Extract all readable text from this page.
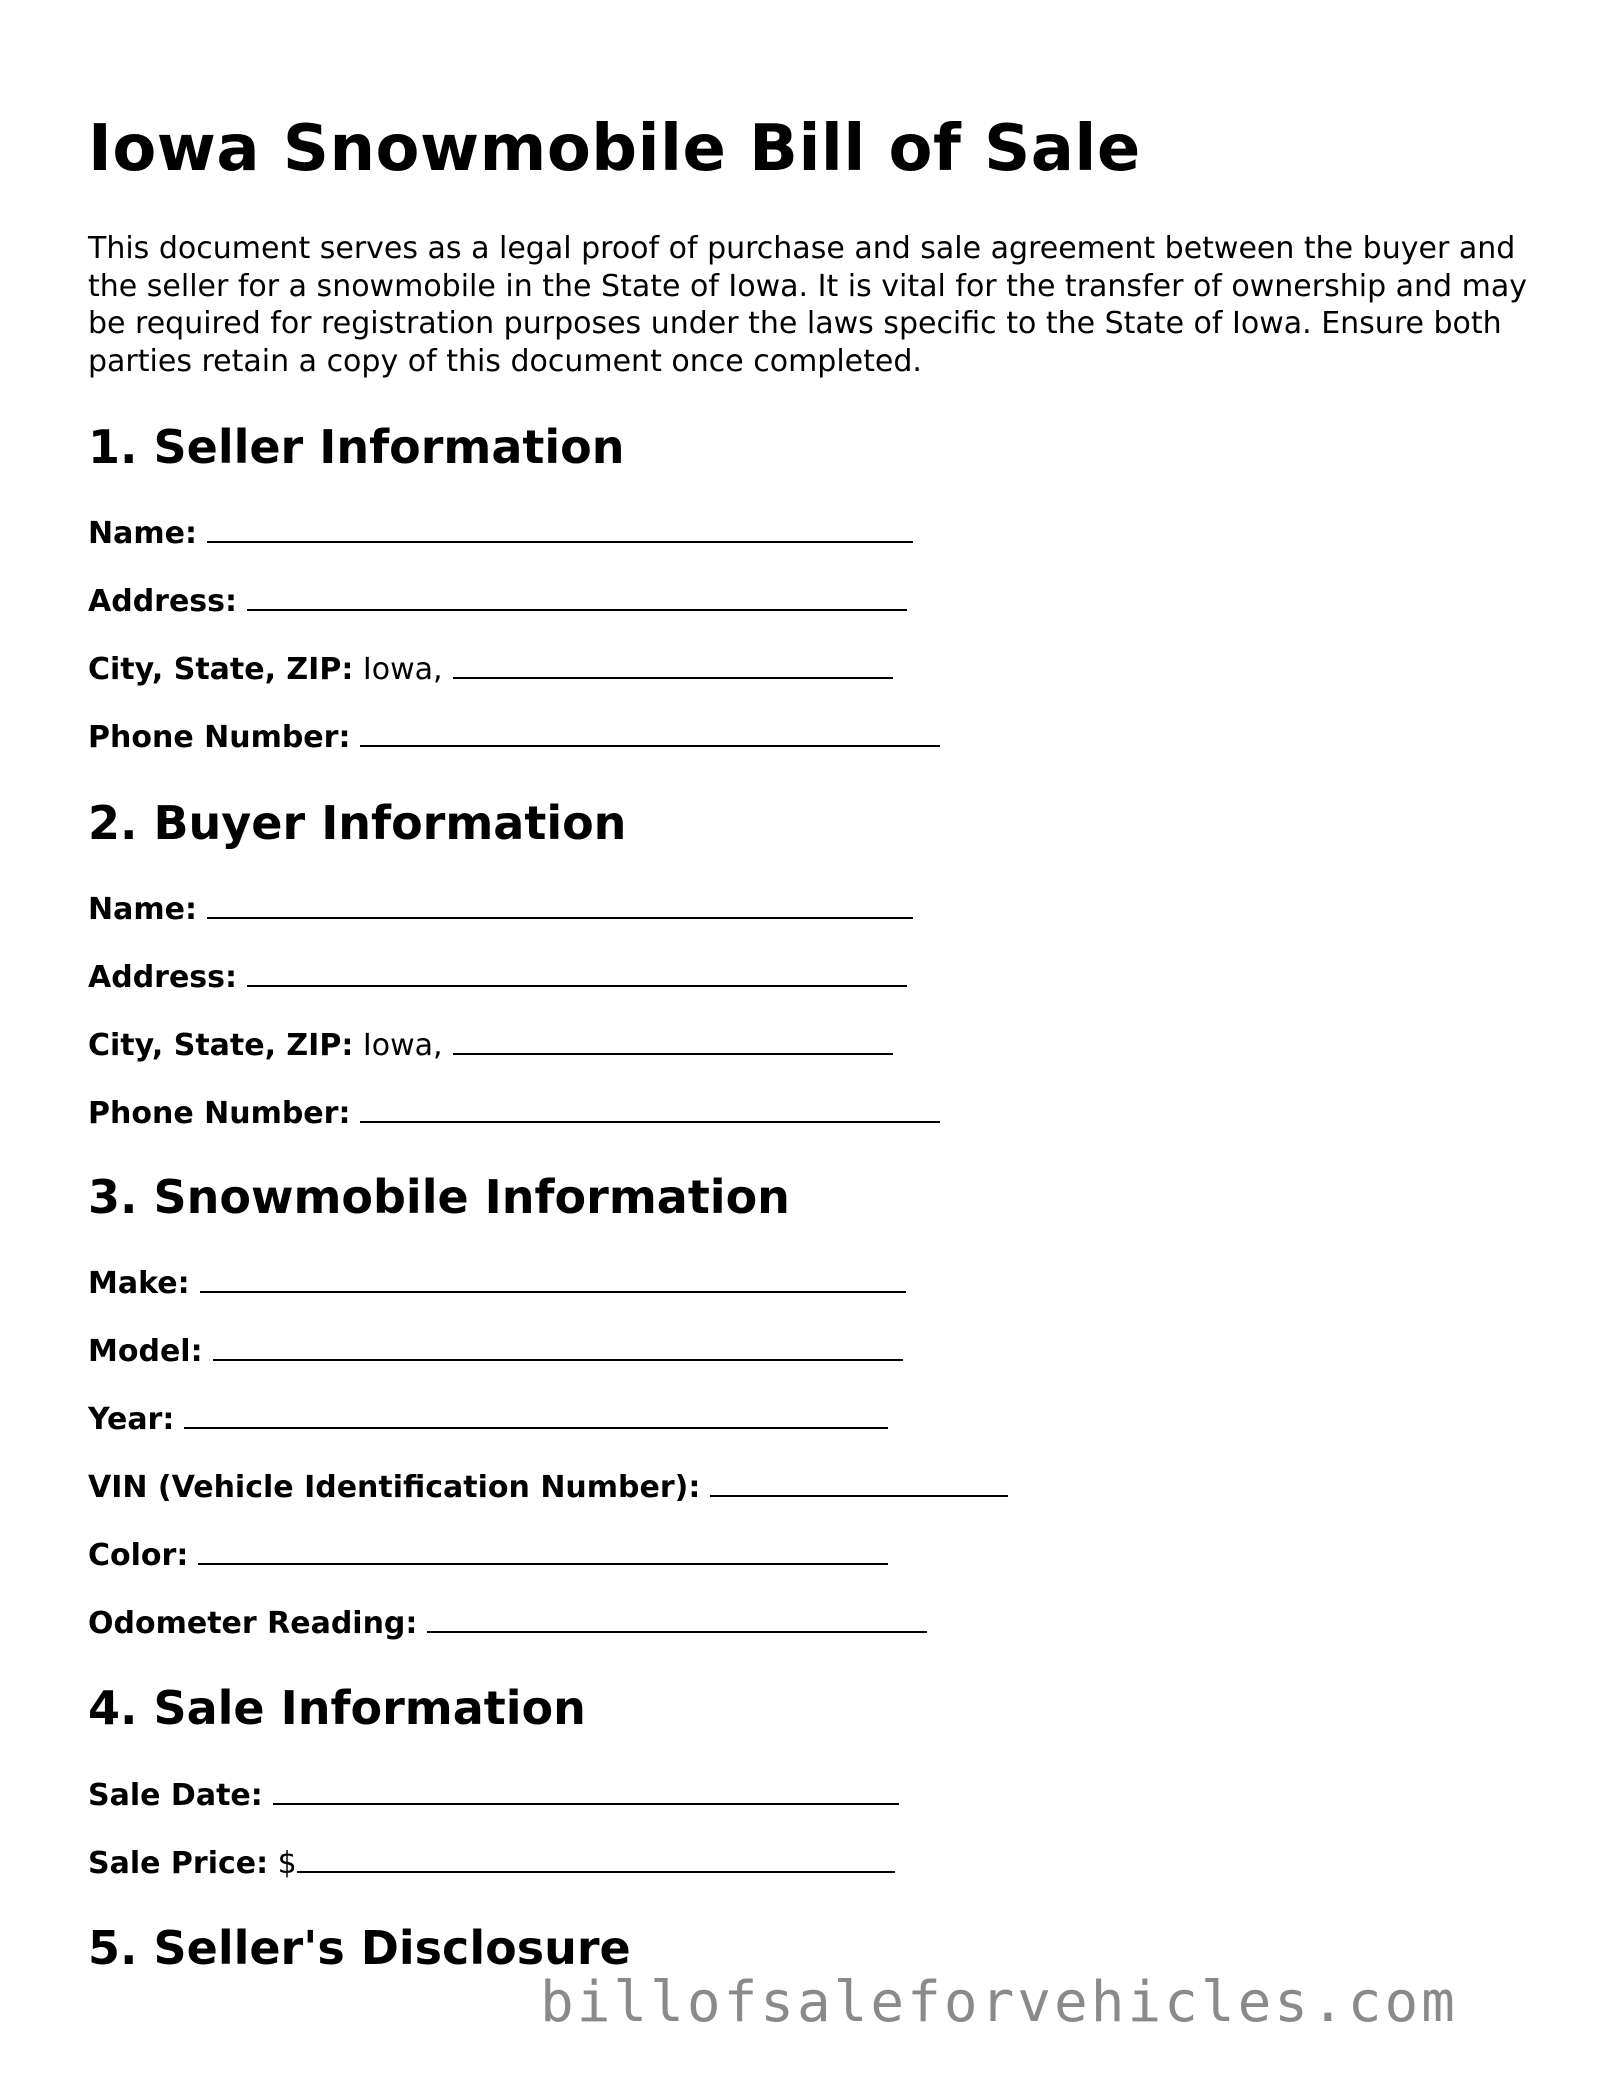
Iowa Snowmobile Bill of Sale

This document serves as a legal proof of purchase and sale agreement between the buyer and the seller for a snowmobile in the State of Iowa. It is vital for the transfer of ownership and may be required for registration purposes under the laws specific to the State of Iowa. Ensure both parties retain a copy of this document once completed.

1. Seller Information
Name:
Address:
City, State, ZIP: Iowa,
Phone Number:
2. Buyer Information
Name:
Address:
City, State, ZIP: Iowa,
Phone Number:
3. Snowmobile Information
Make:
Model:
Year:
VIN (Vehicle Identification Number):
Color:
Odometer Reading:
4. Sale Information
Sale Date:
Sale Price: $
5. Seller's Disclosure
billofsaleforvehicles.com
